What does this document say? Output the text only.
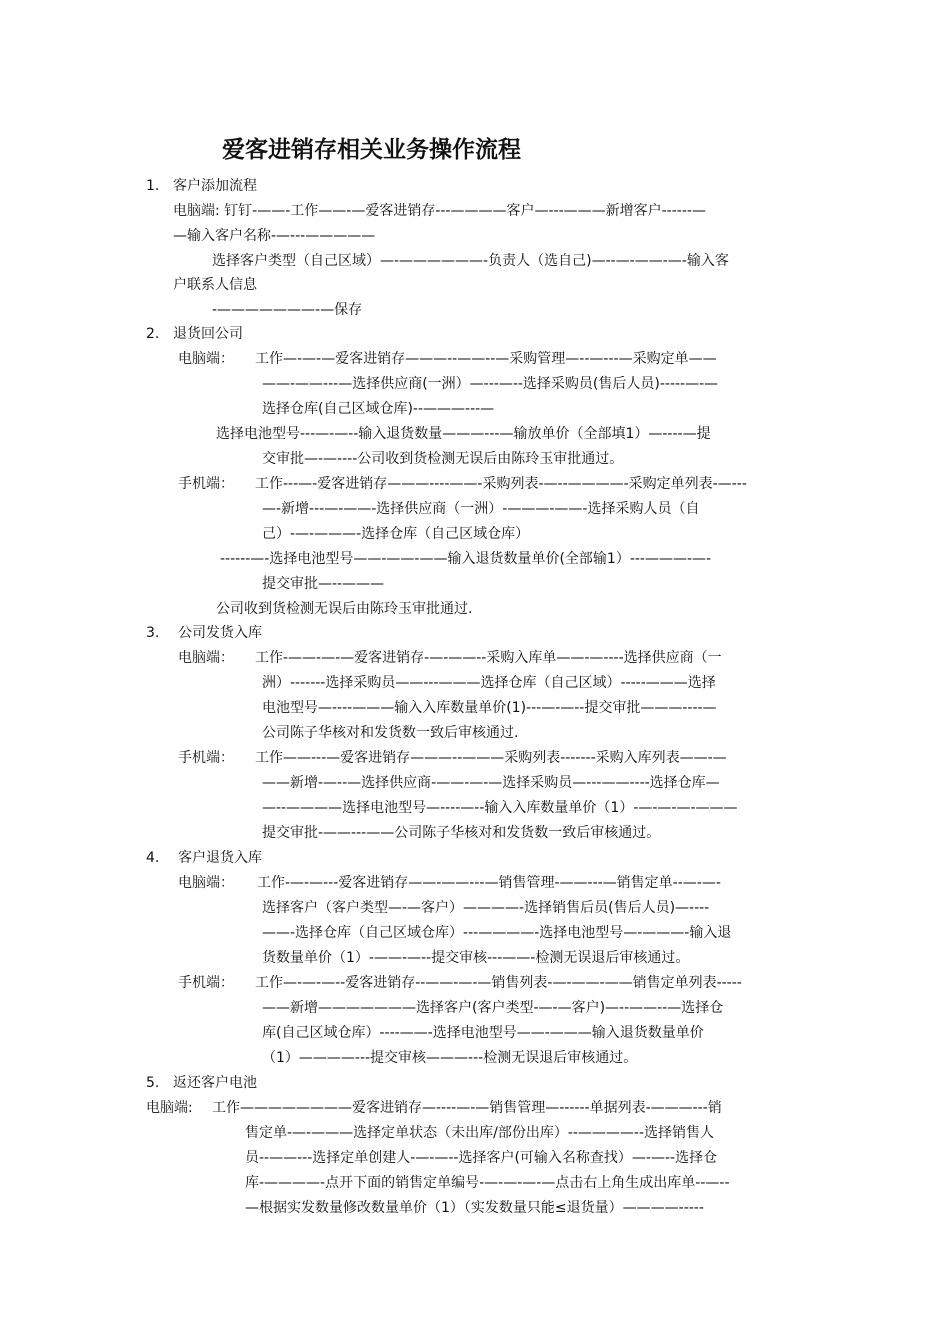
爱客进销存相关业务操作流程
1. 客户添加流程
电脑端: 钉钉-——-工作——-—爱客进销存---————客户—---———新增客户------—
—输入客户名称-—---—————
选择客户类型（自己区域）—-——————-负责人（选自己)—--—-——-—-输入客
户联系人信息
-———————-—保存
2. 退货回公司
电脑端： 工作—-—-—爱客进销存———--——--—采购管理—--—---—采购定单——
——-——---—选择供应商(一洲）—---—--选择采购员(售后人员)-----—-—
选择仓库(自己区域仓库)--———---—
选择电池型号---—-—--输入退货数量———---—输放单价（全部填1）—----—提
交审批—-—----公司收到货检测无误后由陈玲玉审批通过。
手机端： 工作---—-爱客进销存———----——-采购列表-—--————-采购定单列表-—---
—-新增---—-——-选择供应商（一洲）-———-——-选择采购人员（自
己）-—-———-选择仓库（自己区域仓库）
------—-选择电池型号——-——-——输入退货数量单价(全部输1）---———-—-
提交审批—--———
公司收到货检测无误后由陈玲玉审批通过.
3. 公司发货入库
电脑端： 工作-——-—-—爱客进销存-—-——--采购入库单——-—----选择供应商（一
洲）-------选择采购员——---———选择仓库（自己区域）-----———选择
电池型号—----———输入入库数量单价(1)---—-—--提交审批———----—
公司陈子华核对和发货数一致后审核通过.
手机端： 工作——---—爱客进销存———--———采购列表-------采购入库列表——-—
——新增-—--—选择供应商-——-—-—选择采购员—---——----选择仓库—
—--————选择电池型号—----—--输入入库数量单价（1）-—-—-—-———
提交审批-——---——公司陈子华核对和发货数一致后审核通过。
4. 客户退货入库
电脑端： 工作-—-—---爱客进销存——-——---—销售管理-——---—销售定单--—-—-
选择客户（客户类型—-—客户）————-选择销售后员(售后人员)—----
——-选择仓库（自己区域仓库）---————-选择电池型号—-———-输入退
货数量单价（1）-——-—--提交审核---——-检测无误退后审核通过。
手机端： 工作—-—-—--爱客进销存--——-—-—销售列表-—-——-——销售定单列表-----
——新增———————选择客户(客户类型-—-—客户)—--——--—选择仓
库(自己区域仓库）----——-选择电池型号——-———输入退货数量单价
（1）————---提交审核———---检测无误退后审核通过。
5. 返还客户电池
电脑端: 工作————————爱客进销存—----—-—销售管理—------单据列表-———---销
售定单-—-———选择定单状态（未出库/部份出库）--————--选择销售人
员--——---选择定单创建人-—-—--选择客户(可输入名称查找）—-—--选择仓
库-————-点开下面的销售定单编号-—-—-—-—点击右上角生成出库单--—--
—根据实发数量修改数量单价（1）（实发数量只能≤退货量）————-----
